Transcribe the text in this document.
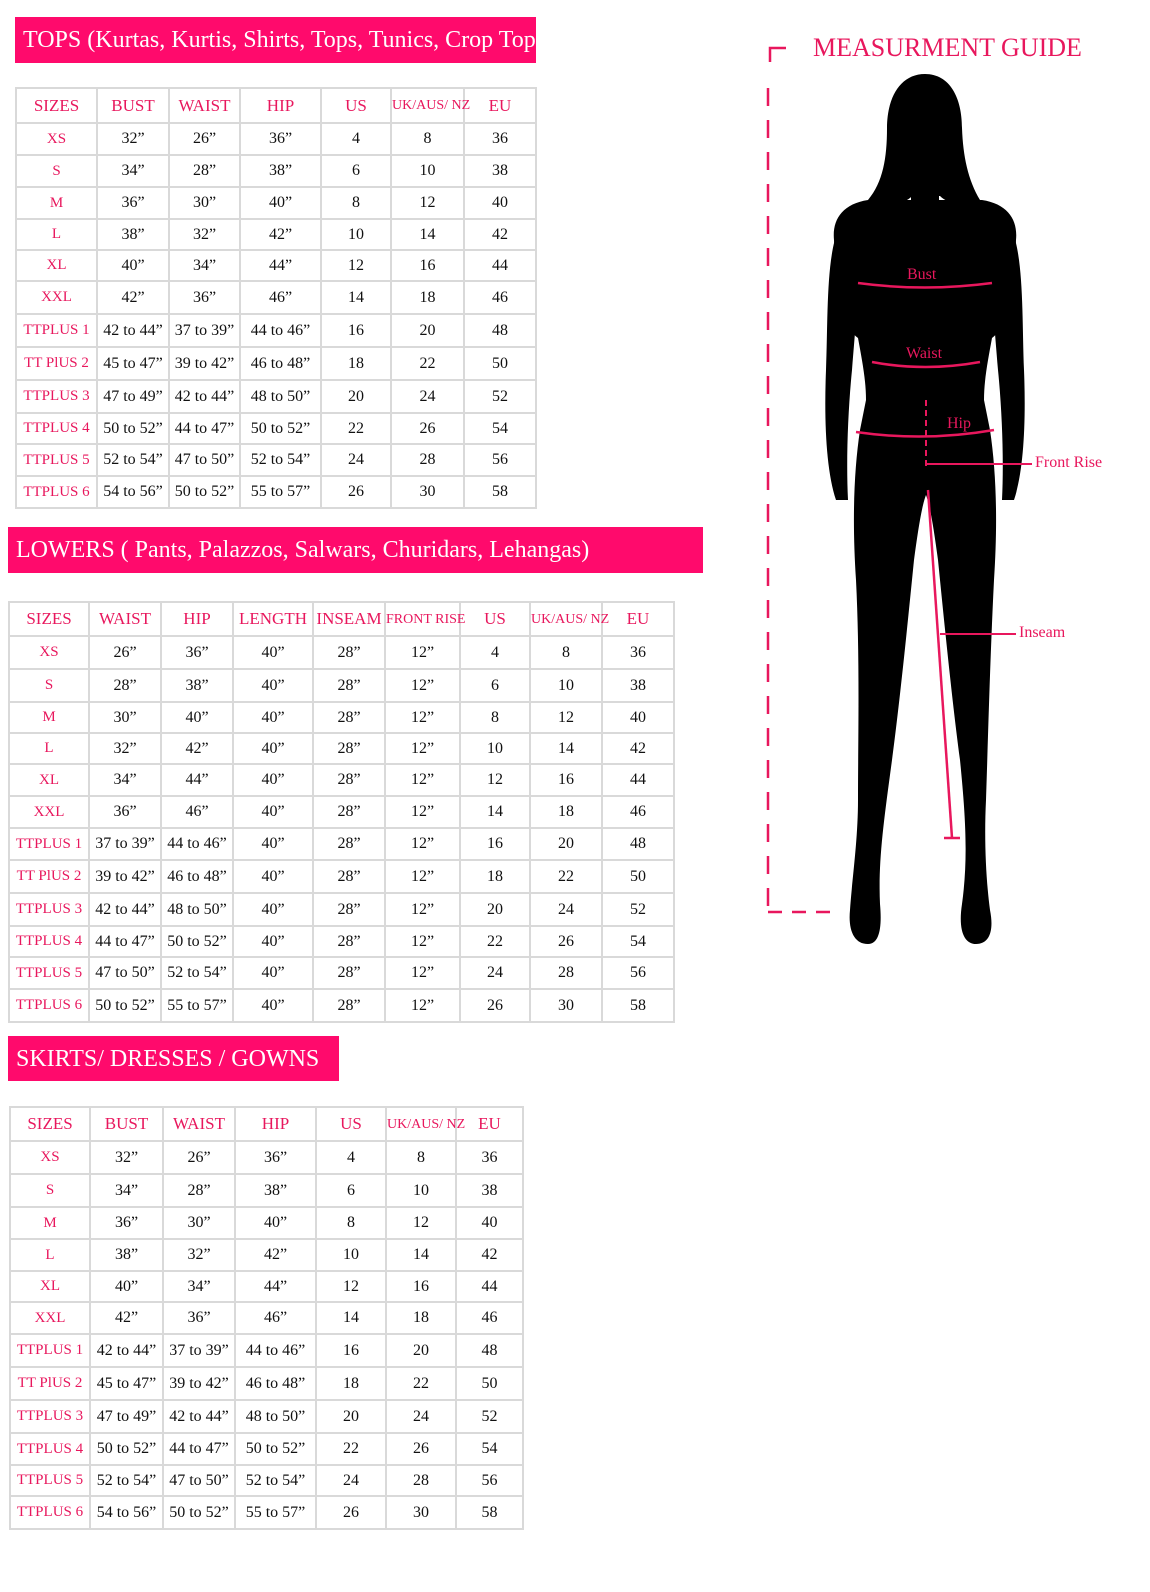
TOPS (Kurtas, Kurtis, Shirts, Tops, Tunics, Crop Tops)
SIZES	BUST	WAIST	HIP	US	UK/AUS/ NZ	EU
XS	32”	26”	36”	4	8	36
S	34”	28”	38”	6	10	38
M	36”	30”	40”	8	12	40
L	38”	32”	42”	10	14	42
XL	40”	34”	44”	12	16	44
XXL	42”	36”	46”	14	18	46
TTPLUS 1	42 to 44”	37 to 39”	44 to 46”	16	20	48
TT PlUS 2	45 to 47”	39 to 42”	46 to 48”	18	22	50
TTPLUS 3	47 to 49”	42 to 44”	48 to 50”	20	24	52
TTPLUS 4	50 to 52”	44 to 47”	50 to 52”	22	26	54
TTPLUS 5	52 to 54”	47 to 50”	52 to 54”	24	28	56
TTPLUS 6	54 to 56”	50 to 52”	55 to 57”	26	30	58
LOWERS ( Pants, Palazzos, Salwars, Churidars, Lehangas)
SIZES	WAIST	HIP	LENGTH	INSEAM	FRONT RISE	US	UK/AUS/ NZ	EU
XS	26”	36”	40”	28”	12”	4	8	36
S	28”	38”	40”	28”	12”	6	10	38
M	30”	40”	40”	28”	12”	8	12	40
L	32”	42”	40”	28”	12”	10	14	42
XL	34”	44”	40”	28”	12”	12	16	44
XXL	36”	46”	40”	28”	12”	14	18	46
TTPLUS 1	37 to 39”	44 to 46”	40”	28”	12”	16	20	48
TT PlUS 2	39 to 42”	46 to 48”	40”	28”	12”	18	22	50
TTPLUS 3	42 to 44”	48 to 50”	40”	28”	12”	20	24	52
TTPLUS 4	44 to 47”	50 to 52”	40”	28”	12”	22	26	54
TTPLUS 5	47 to 50”	52 to 54”	40”	28”	12”	24	28	56
TTPLUS 6	50 to 52”	55 to 57”	40”	28”	12”	26	30	58
SKIRTS/ DRESSES / GOWNS
SIZES	BUST	WAIST	HIP	US	UK/AUS/ NZ	EU
XS	32”	26”	36”	4	8	36
S	34”	28”	38”	6	10	38
M	36”	30”	40”	8	12	40
L	38”	32”	42”	10	14	42
XL	40”	34”	44”	12	16	44
XXL	42”	36”	46”	14	18	46
TTPLUS 1	42 to 44”	37 to 39”	44 to 46”	16	20	48
TT PlUS 2	45 to 47”	39 to 42”	46 to 48”	18	22	50
TTPLUS 3	47 to 49”	42 to 44”	48 to 50”	20	24	52
TTPLUS 4	50 to 52”	44 to 47”	50 to 52”	22	26	54
TTPLUS 5	52 to 54”	47 to 50”	52 to 54”	24	28	56
TTPLUS 6	54 to 56”	50 to 52”	55 to 57”	26	30	58
MEASURMENT GUIDE
Bust
Waist
Hip
Front Rise
Inseam
